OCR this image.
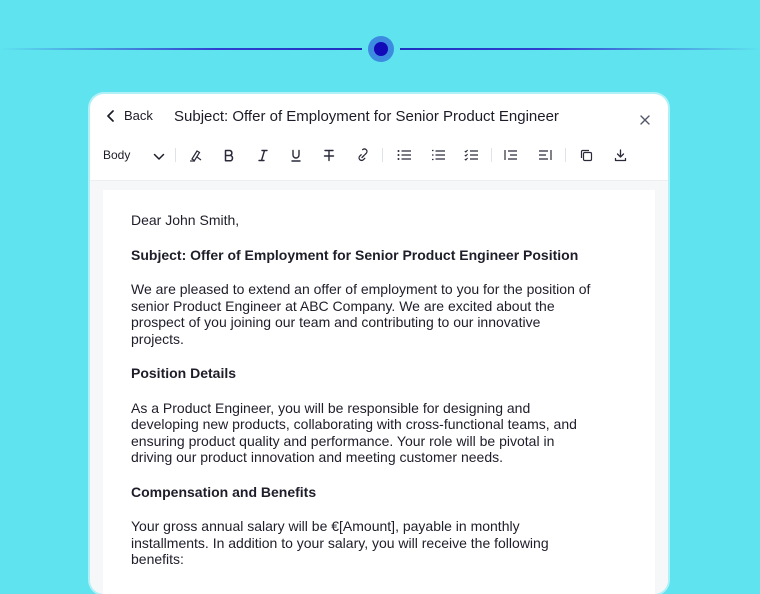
Back Subject: Offer of Employment for Senior Product Engineer
Body

Dear John Smith,

Subject: Offer of Employment for Senior Product Engineer Position

We are pleased to extend an offer of employment to you for the position of

senior Product Engineer at ABC Company. We are excited about the

prospect of you joining our team and contributing to our innovative

projects.

Position Details

As a Product Engineer, you will be responsible for designing and

developing new products, collaborating with cross-functional teams, and

ensuring product quality and performance. Your role will be pivotal in

driving our product innovation and meeting customer needs.

Compensation and Benefits

Your gross annual salary will be €[Amount], payable in monthly

installments. In addition to your salary, you will receive the following

benefits:
